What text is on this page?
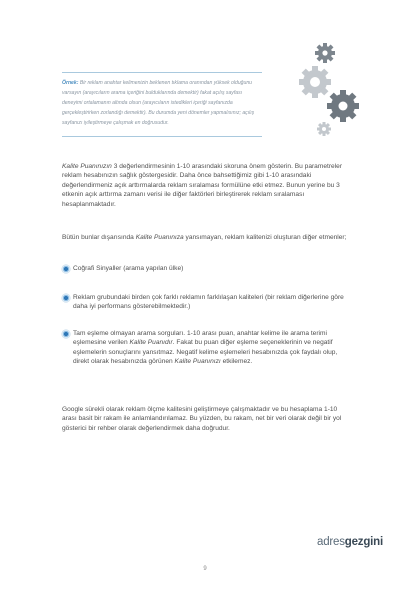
Örnek: Bir reklam anahtar kelimenizin beklenen tıklama oranından yüksek olduğunu varsayın (arayıcıların arama içeriğini bulduklarında demektir) fakat açılış sayfası deneyimi ortalamanın altında olsun (arayıcıların istedikleri içeriği sayfanızda gerçekleştirirken zorlandığı demektir). Bu durumda yeni dönemler yapmalısınız; açılış sayfanızı iyileştirmeye çalışmak en doğrusudur.

Kalite Puanınızın 3 değerlendirmesinin 1-10 arasındaki skoruna önem gösterin. Bu parametreler reklam hesabınızın sağlık göstergesidir. Daha önce bahsettiğimiz gibi 1-10 arasındaki değerlendirmeniz açık arttırmalarda reklam sıralaması formülüne etki etmez. Bunun yerine bu 3 etkenin açık arttırma zamanı verisi ile diğer faktörleri birleştirerek reklam sıralaması hesaplanmaktadır.

Bütün bunlar dışarısında Kalite Puanınıza yansımayan, reklam kalitenizi oluşturan diğer etmenler;

Coğrafi Sinyaller (arama yapılan ülke)

Reklam grubundaki birden çok farklı reklamın farklılaşan kaliteleri (bir reklam diğerlerine göre daha iyi performans gösterebilmektedir.)

Tam eşleme olmayan arama sorguları. 1-10 arası puan, anahtar kelime ile arama terimi eşlemesine verilen Kalite Puanıdır. Fakat bu puan diğer eşleme seçeneklerinin ve negatif eşlemelerin sonuçlarını yansıtmaz. Negatif kelime eşlemeleri hesabınızda çok faydalı olup, direkt olarak hesabınızda görünen Kalite Puanınızı etkilemez.

Google sürekli olarak reklam ölçme kalitesini geliştirmeye çalışmaktadır ve bu hesaplama 1-10 arası basit bir rakam ile anlamlandırılamaz. Bu yüzden, bu rakam, net bir veri olarak değil bir yol gösterici bir rehber olarak değerlendirmek daha doğrudur.

adresgezgini
9
